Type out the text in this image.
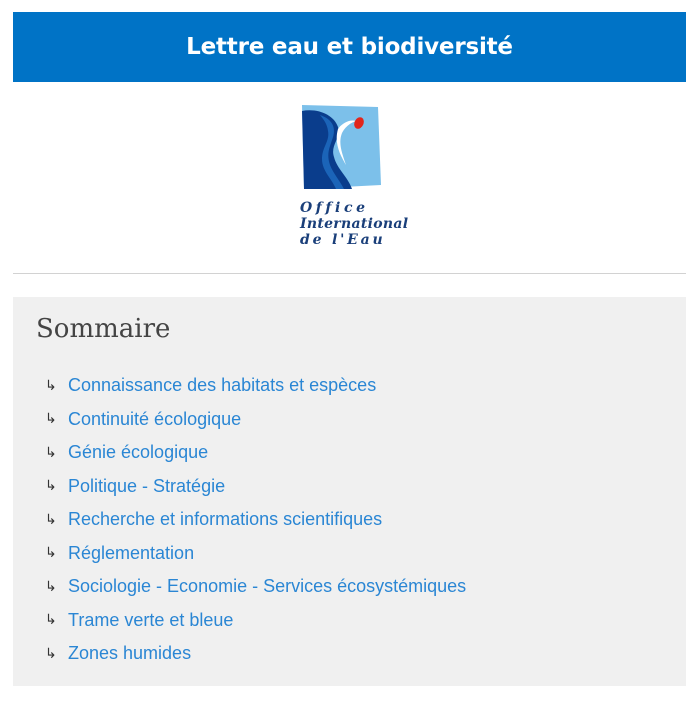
Lettre eau et biodiversité
Office
International
de l'Eau
Sommaire
↳ Connaissance des habitats et espèces
↳ Continuité écologique
↳ Génie écologique
↳ Politique - Stratégie
↳ Recherche et informations scientifiques
↳ Réglementation
↳ Sociologie - Economie - Services écosystémiques
↳ Trame verte et bleue
↳ Zones humides
